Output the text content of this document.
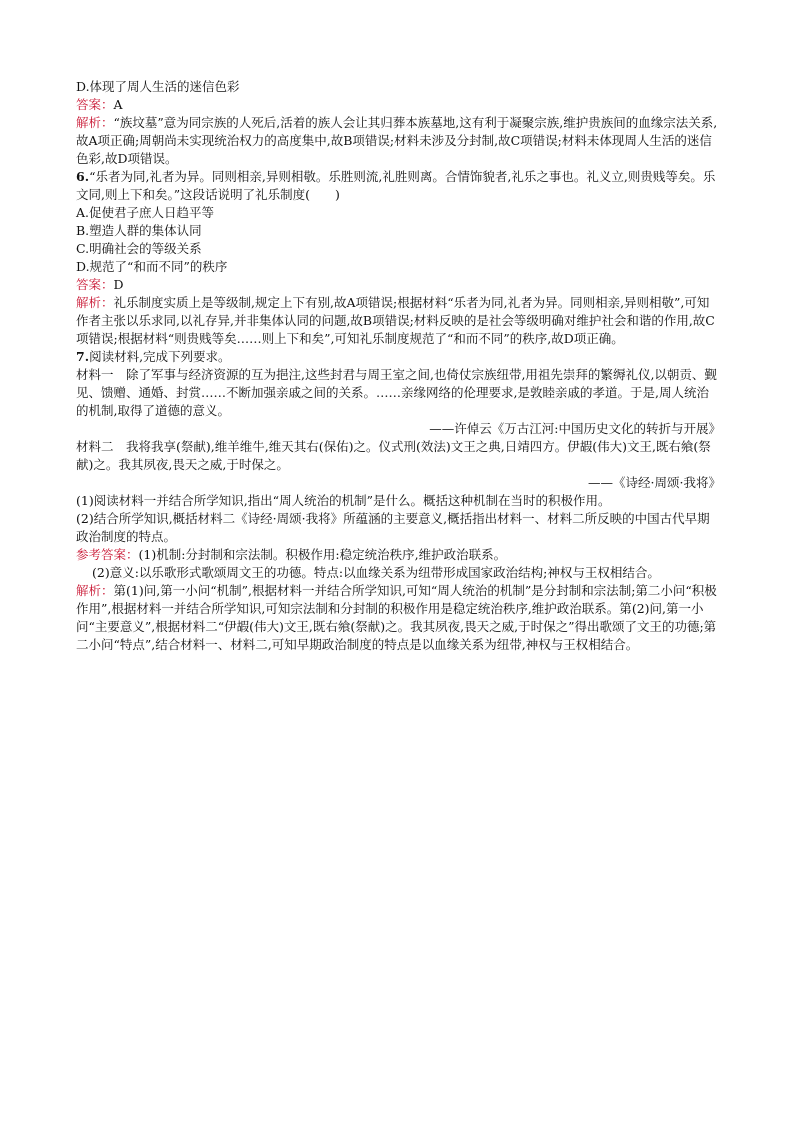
D.体现了周人生活的迷信色彩
答案：A
解析：“族坟墓”意为同宗族的人死后,活着的族人会让其归葬本族墓地,这有利于凝聚宗族,维护贵族间的血缘宗法关系,故A项正确;周朝尚未实现统治权力的高度集中,故B项错误;材料未涉及分封制,故C项错误;材料未体现周人生活的迷信色彩,故D项错误。
6.“乐者为同,礼者为异。同则相亲,异则相敬。乐胜则流,礼胜则离。合情饰貌者,礼乐之事也。礼义立,则贵贱等矣。乐文同,则上下和矣。”这段话说明了礼乐制度(　　)
A.促使君子庶人日趋平等
B.塑造人群的集体认同
C.明确社会的等级关系
D.规范了“和而不同”的秩序
答案：D
解析：礼乐制度实质上是等级制,规定上下有别,故A项错误;根据材料“乐者为同,礼者为异。同则相亲,异则相敬”,可知作者主张以乐求同,以礼存异,并非集体认同的问题,故B项错误;材料反映的是社会等级明确对维护社会和谐的作用,故C项错误;根据材料“则贵贱等矣……则上下和矣”,可知礼乐制度规范了“和而不同”的秩序,故D项正确。
7.阅读材料,完成下列要求。
材料一　除了军事与经济资源的互为挹注,这些封君与周王室之间,也倚仗宗族纽带,用祖先崇拜的繁缛礼仪,以朝贡、觐见、馈赠、通婚、封赏……不断加强亲戚之间的关系。……亲缘网络的伦理要求,是敦睦亲戚的孝道。于是,周人统治的机制,取得了道德的意义。
——许倬云《万古江河:中国历史文化的转折与开展》
材料二　我将我享(祭献),维羊维牛,维天其右(保佑)之。仪式刑(效法)文王之典,日靖四方。伊嘏(伟大)文王,既右飨(祭献)之。我其夙夜,畏天之威,于时保之。
——《诗经·周颂·我将》
(1)阅读材料一并结合所学知识,指出“周人统治的机制”是什么。概括这种机制在当时的积极作用。
(2)结合所学知识,概括材料二《诗经·周颂·我将》所蕴涵的主要意义,概括指出材料一、材料二所反映的中国古代早期政治制度的特点。
参考答案：(1)机制:分封制和宗法制。积极作用:稳定统治秩序,维护政治联系。
(2)意义:以乐歌形式歌颂周文王的功德。特点:以血缘关系为纽带形成国家政治结构;神权与王权相结合。
解析：第(1)问,第一小问“机制”,根据材料一并结合所学知识,可知“周人统治的机制”是分封制和宗法制;第二小问“积极作用”,根据材料一并结合所学知识,可知宗法制和分封制的积极作用是稳定统治秩序,维护政治联系。第(2)问,第一小问“主要意义”,根据材料二“伊嘏(伟大)文王,既右飨(祭献)之。我其夙夜,畏天之威,于时保之”得出歌颂了文王的功德;第二小问“特点”,结合材料一、材料二,可知早期政治制度的特点是以血缘关系为纽带,神权与王权相结合。
